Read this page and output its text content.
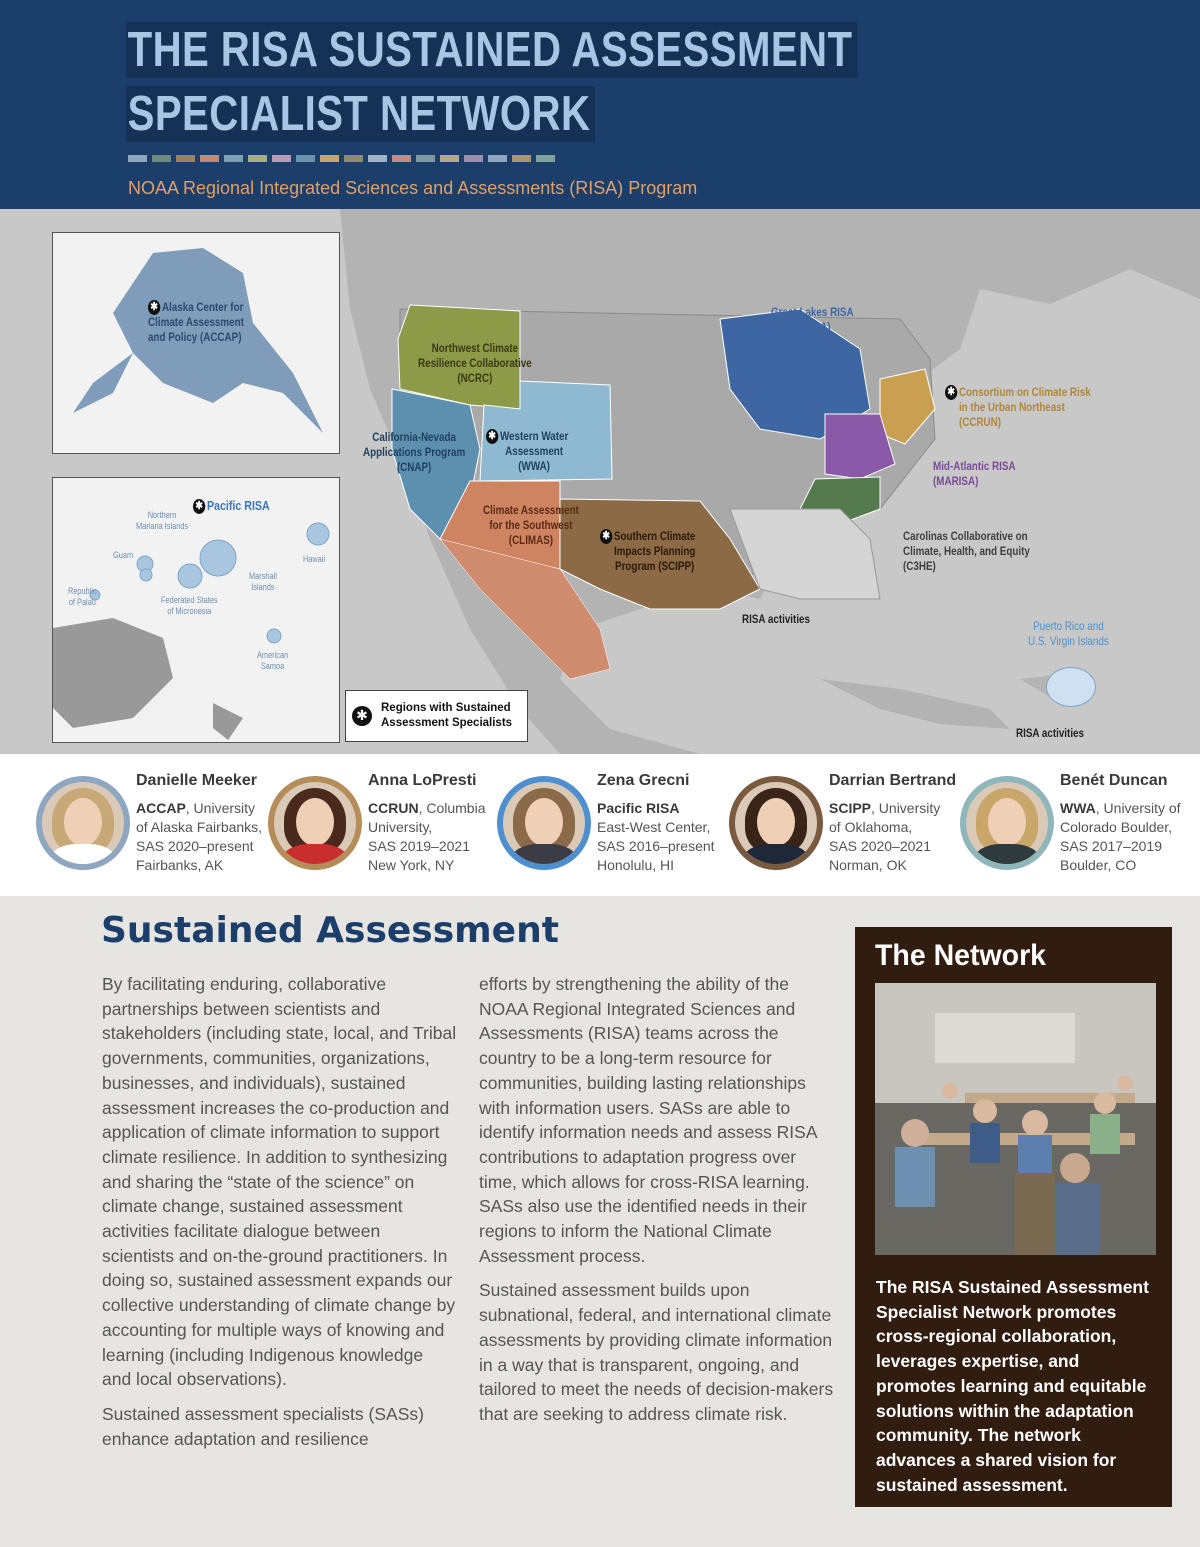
THE RISA SUSTAINED ASSESSMENT
SPECIALIST NETWORK
NOAA Regional Integrated Sciences and Assessments (RISA) Program
✱ Alaska Center for
Climate Assessment
and Policy (ACCAP)
✱ Pacific RISA
Northern
Mariana Islands
Guam
Republic
of Palau	Federated States
of Micronesia
Marshall
Islands
Hawaii
American
Samoa
Northwest Climate
Resilience Collaborative
(NCRC)
California-Nevada
Applications Program
(CNAP)
✱ Western Water
Assessment
(WWA)
Climate Assessment
for the Southwest
(CLIMAS)	✱ Southern Climate
Impacts Planning
Program (SCIPP)
Great Lakes RISA
(GLISA)
✱ Consortium on Climate Risk
in the Urban Northeast
(CCRUN)
Mid-Atlantic RISA
(MARISA)
Carolinas Collaborative on
Climate, Health, and Equity
(C3HE)
RISA activities	Puerto Rico and
U.S. Virgin Islands
RISA activities
✱	Regions with Sustained
Assessment Specialists
Danielle Meeker
ACCAP, University
of Alaska Fairbanks,
SAS 2020–present
Fairbanks, AK
Anna LoPresti
CCRUN, Columbia
University,
SAS 2019–2021
New York, NY
Zena Grecni
Pacific RISA
East-West Center,
SAS 2016–present
Honolulu, HI
Darrian Bertrand
SCIPP, University
of Oklahoma,
SAS 2020–2021
Norman, OK
Benét Duncan
WWA, University of
Colorado Boulder,
SAS 2017–2019
Boulder, CO
Sustained Assessment

By facilitating enduring, collaborative partnerships between scientists and stakeholders (including state, local, and Tribal governments, communities, organizations, businesses, and individuals), sustained assessment increases the co-production and application of climate information to support climate resilience. In addition to synthesizing and sharing the “state of the science” on climate change, sustained assessment activities facilitate dialogue between scientists and on-the-ground practitioners. In doing so, sustained assessment expands our collective understanding of climate change by accounting for multiple ways of knowing and learning (including Indigenous knowledge and local observations).

Sustained assessment specialists (SASs) enhance adaptation and resilience

efforts by strengthening the ability of the NOAA Regional Integrated Sciences and Assessments (RISA) teams across the country to be a long-term resource for communities, building lasting relationships with information users. SASs are able to identify information needs and assess RISA contributions to adaptation progress over time, which allows for cross-RISA learning. SASs also use the identified needs in their regions to inform the National Climate Assessment process.

Sustained assessment builds upon subnational, federal, and international climate assessments by providing climate information in a way that is transparent, ongoing, and tailored to meet the needs of decision-makers that are seeking to address climate risk.

The Network
The RISA Sustained Assessment Specialist Network promotes cross-regional collaboration, leverages expertise, and promotes learning and equitable solutions within the adaptation community. The network advances a shared vision for sustained assessment.
